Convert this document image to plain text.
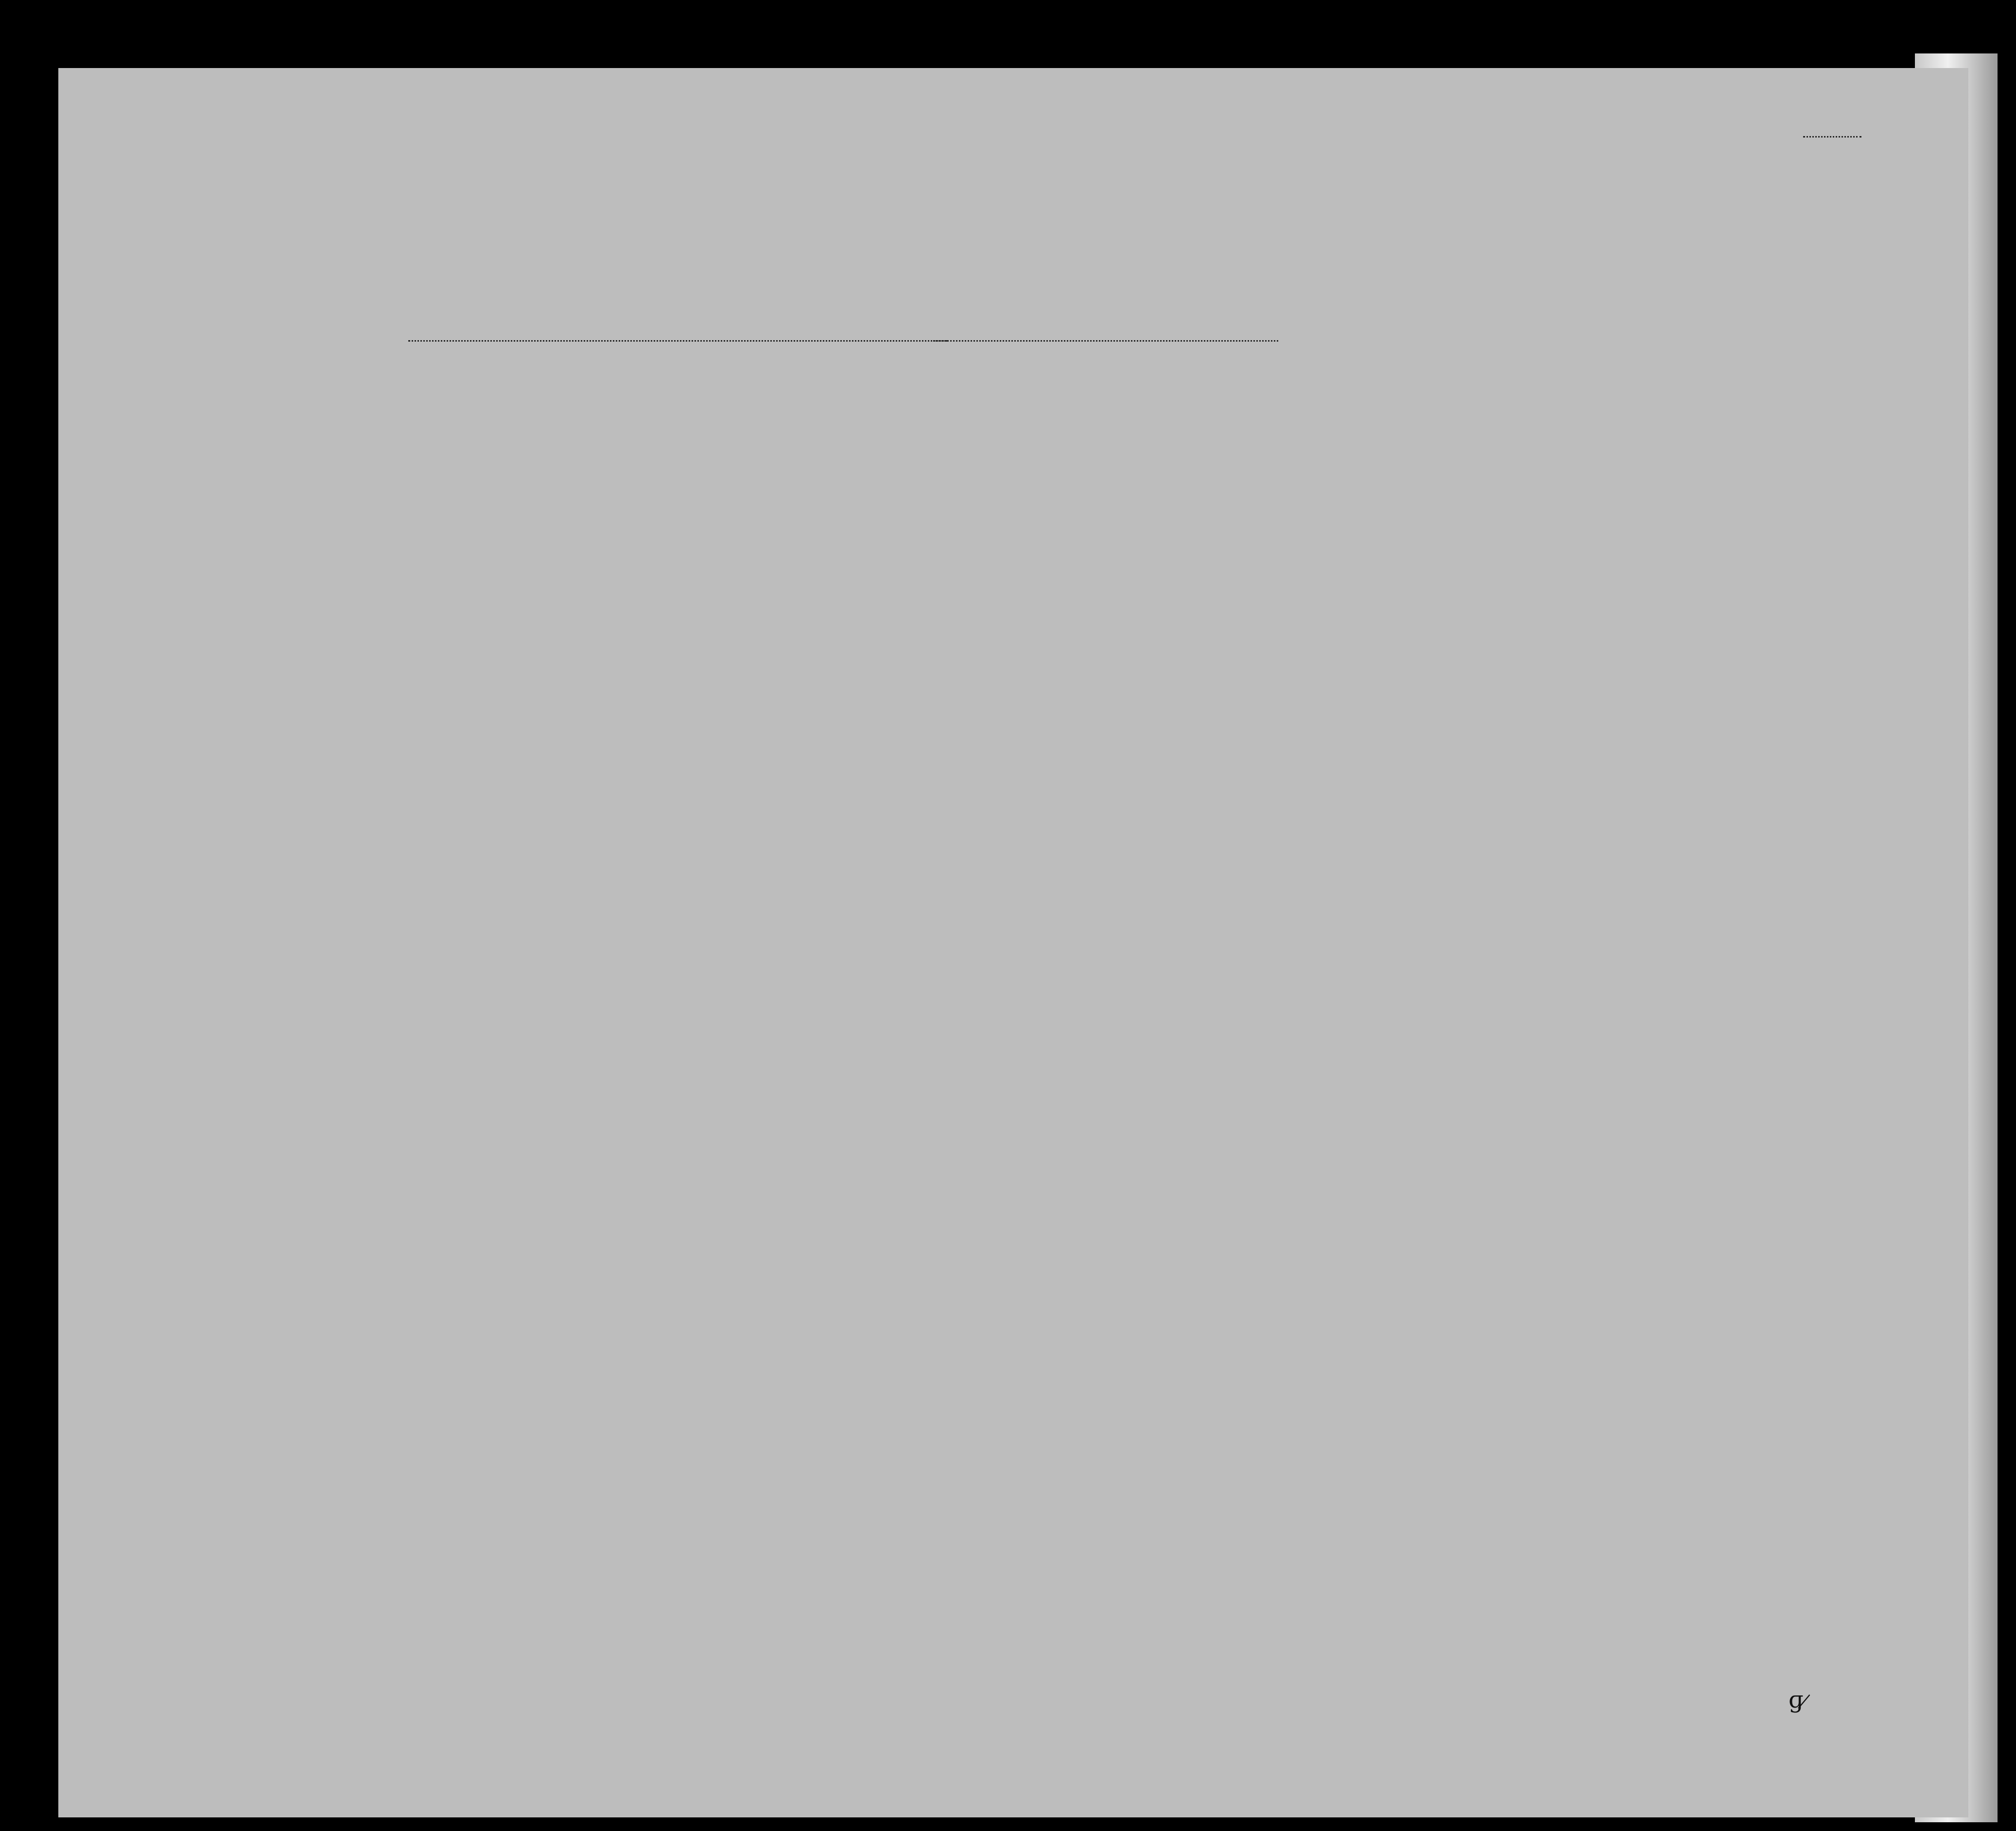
ɡ ̷
